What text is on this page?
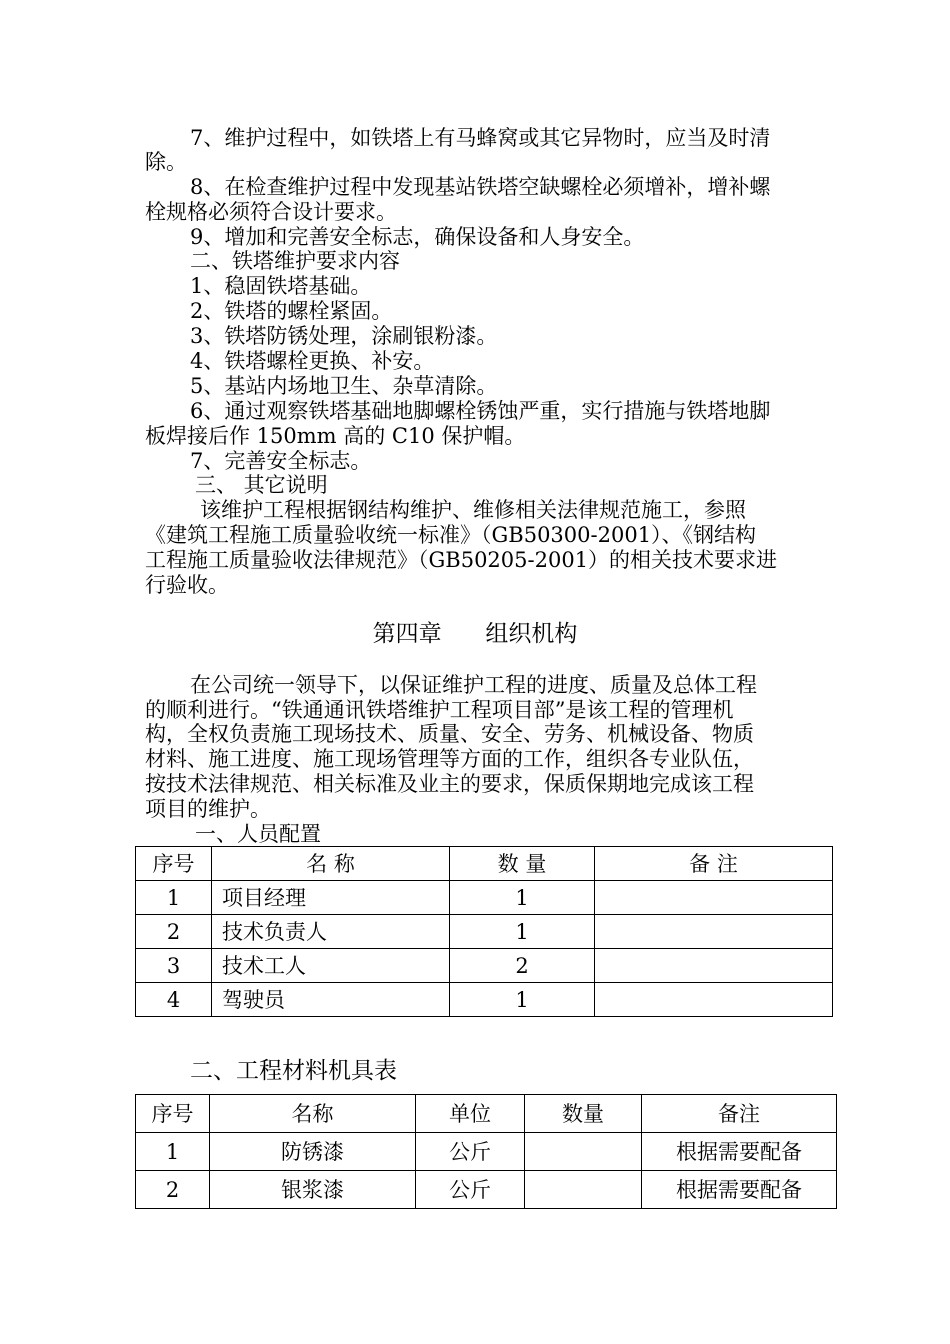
7、维护过程中，如铁塔上有马蜂窝或其它异物时，应当及时清
除。
8、在检查维护过程中发现基站铁塔空缺螺栓必须增补，增补螺
栓规格必须符合设计要求。
9、增加和完善安全标志，确保设备和人身安全。
二、铁塔维护要求内容
1、稳固铁塔基础。
2、铁塔的螺栓紧固。
3、铁塔防锈处理，涂刷银粉漆。
4、铁塔螺栓更换、补安。
5、基站内场地卫生、杂草清除。
6、通过观察铁塔基础地脚螺栓锈蚀严重，实行措施与铁塔地脚
板焊接后作 150mm 高的 C10 保护帽。
7、完善安全标志。
三、 其它说明
该维护工程根据钢结构维护、维修相关法律规范施工，参照
《建筑工程施工质量验收统一标准》（GB50300-2001）、《钢结构
工程施工质量验收法律规范》（GB50205-2001）的相关技术要求进
行验收。
第四章      组织机构
在公司统一领导下，以保证维护工程的进度、质量及总体工程
的顺利进行。“铁通通讯铁塔维护工程项目部”是该工程的管理机
构，全权负责施工现场技术、质量、安全、劳务、机械设备、物质
材料、施工进度、施工现场管理等方面的工作，组织各专业队伍，
按技术法律规范、相关标准及业主的要求，保质保期地完成该工程
项目的维护。
一、人员配置
序号	名 称	数 量	备 注
1	项目经理	1	
2	技术负责人	1	
3	技术工人	2	
4	驾驶员	1	
二、工程材料机具表
序号	名称	单位	数量	备注
1	防锈漆	公斤		根据需要配备
2	银浆漆	公斤		根据需要配备
